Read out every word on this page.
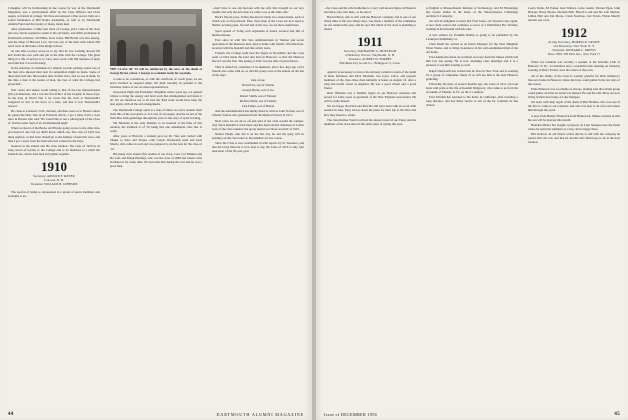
I imagine, will be forthcoming in due course by way of the Dartmouth Magazine, was a synchronized effort by the Class Officers and Class Agent, as friends in college. We have encountered a fine record, built on a sound foundation of Bill Reid's leadership, as well as by Dartmouth Alumni Fund and the loyalty of many, many men.

After graduation, I rather lost track of Cooney, and I came of the class just now, but he seemed to return to his old ideals, and didn't participate in Dartmouth activities. Sid Hiller, Ross Jones, Bill Bollin was also among, and the Dean of Harvard Law. Sid was one of the men with whom Hal and I were in the home of the Ridge School.

At one time Cooney wrote us to say that he was working abroad. He had found his own path and put in his time with the College. The great thing in a life of service is to carry one's work with full measure of hope and faith that it is worth doing.

In the selection of candidates for athletic awards, perhaps, better use of the men who showed their best in competition might be made. Some of these men turn into fine leaders later in their lives, and we see in them, by the time a man is the leader of men, the best of what the College had given him.

One career and tenure worth noting is that of the late Massachusetts (Mc-)Achabelatte, and I was the first Editor of the Graphic in those days. In the days of World War I, he wrote that his class is 'Dartmouth's vanguard' in fact at the front of a rally, and that it was 'Dartmouth's answer.'

He came to Lebanon, N.H., married, and then went on to Boston where he joined the firm. One in an Edwards article, I got a letter from a class tutor in Boston who said: 'He would like to see a photograph of the Class of 1910 in some form of an all-Dartmouth night.'

When we heard of the Bucks and Hawks going across to the other side, you heard of one, but we didn't know which one. The class of 1910 was there anyhow, so this letter should go to the number of men that were, and then I got a letter from the man who had written for the boys.

nounced at the annual and the class reunion. The class of 1910 in its long record of loyalty to the College and to its members is a small but staunch one, and its best men still gather together.

1910
Secretary, ARNOLD F. ROYER
Concord, N. H.
Treasurer, WILLIAM H. JOHNSON

The special of being so represented in a group of sports members and Gallaghe is an-

THE CLASS OF '10 will be reinforced by the news of the death of George Byrne, whose 's George as a student ready for a parade.

to take to be considerate, or with the certificate of coach gone, we are never inclined to suspend either. We shall certainly be grateful to the fortunate choice of our six men representatives.

Gloucester High and Presidents' Magidian where years ago we opened tribute to bring the energy and hard work that distinguished and made it all. We are therefore not at all sure the 'Red' team would have been the best again, with all the old arrangements.

The Dartmouth College spirit is a state of mind. As every student must learn this of his own spirit, so is it true of all people, and the record of the Wah-Hoo-Wah gatherings through the years is the story of spirit in being.

Sid Hawkins is the only member to be married at the time of this reunion, the tradition is of '10 being this one remarkable class that is ready.

After years at Harvard, a student gave up Dr. Yale and carried with Shaker to Stars and Stripes, with Grant's Dartmouth team and Glen Morris, who came on well and was prepared to do the best for the class of '10.

But many were absent after studies of our class, I saw Col Winkles and his wife, and Ralph Hastings, who was the class of 1908 and whom I met in Hanover for some time. We had seen him during the war and he was a good man.

...don't have to see any heavens with me still, that brought us out very rapidly and only the new man we came to us at the other side.

Beck's Woods pays, Tobrtg Received I made two observations, each of which was at all produced. Fine, more men of the Class are now used to 'Ruthe' as being gone. Second and of the two, we are more useful here.

Sport spread of living well organisms is found, secured and full of human interest.

Ever since in with War Sets Administration in Trenton and secret operations of the Resuscus men, they're home with friends. Wretched bed-received with the Kendall and this wintry news.

Frederic the College team beat the Tigers in November and the cross team of 1910 made the bold turn here in Hanover, so that the Hanover Record was the first. The spring of 1910 was the time of great honors.

Thus is indeed by a member of its members, and a few days ago a few friends also came with us, so that the group were at the station on the last of the days.

One of one

David Fox, son of Charlie

George Byrne, son of Joe

Robert Smith, son of Thaxter

Richard Tobin, son of Charlie

Jack Fisher, son of Harlan

And the Administration has kindly lined us with us John Trefren, son of Charles Trefren who graduated from the Medical School in 1911.

Next Class we are all so off and glad of the class around the campus. Any Steve Kendall is back there and has been elected chairman of Cobbe Gate of the class reunion: the group turned out 'most received' of 1910.

Nelson Phelps who did it on the last day, he and the gang will be sending out the class letter to the members in due course.

Since the Class is now established in with reports by its Treasurer, and that the Class Director is now able to say, the Class of 1910 is only four men short of the 50-year goal.

44	DARTMOUTH ALUMNI MAGAZINE

...the Class and his wife Katherine is a very well known figure in Hanover and those who visit there, as he sees it.

Harold Berry, who is still with the Hanover company and is one of our living links to the old college days, was made a member of the committee on our reunion this year, and he says that much of the class is planning to attend.

1911
Secretary, NATHANIEL G. BURLEIGH
4 Wellesley Terrace, Weymouth, N. H.
Treasurer, ALBERT W. FORBES
Hotchkiss Dry Goods Co., Bridgeport 2, Conn.

Again it is necessary to turn to the obituary column to learn of the death of Russ Robinson and Dick Whelden, two loyal, active, and popular members of the class. Russ died suddenly at home on August 10, after a long and useful career as engineer. He was a good citizen and a good friend.

Dick Whelden was a familiar figure in our Hanover reunions and served for some years as president of the New England Association. He will be sadly missed.

We are happy that Dick and Priscilla still have been with us at our 45th reunion in June. They told us about the plans for their trip to the West and how they hoped to return.

The class Rubber Weird received the annual award of our Fund, and the members of the class showed the same spirit of giving this year.

at English at Massachusetts Institute of Technology, and Ed Hawkridge has twelve names in the index of the Massachusetts Cambridge Architect's Company.

All will be delighted to learn that Fred Jones, our devoted class agent, is now fully retired and continues to serve as a Windsfield Fire Warden, residing in Portsmouth with his sons.

A new edition for Franklin Dudley is going to be published by the Lexington Publishing Co.

Clem Kindl has retired as an Intern Manager for the West Hingham Water Works, and is living in Andover in his well-established mind of the old home.

Fred Atkins has made an excellent recovery from the illness which laid him low last spring. He is now attending class meetings and it is a pleasure to see him looking so well.

Ralph Wentworth has written that he lives in New York and is working for a group of companies. Many of us will see him at the next Hanover gathering.

Following the lines of several months ago, the Class of 1911 can look back with pride at the life of Kendall Ridgeway, who came to us from the Academy of Moriah, N. H., on the '11 reunion.

Fred Trindall has returned to his home in California, after traveling a long distance, and has many stories to tell of the far countries he has visited.

Lewis Tuttle, Ed Parker, Ken Wallace, Gabe Austin, Warren Egan, John Bowles, Harry Moses, Norman Hall, Harold Lorin and his wife Marion, Lillian Hall and Jim Morse, Clark Northrop, Jud Travis, Hattie Merrill and the rest of us.

1912
Acting Secretary, MORRIS R. CROWE
124 Broadway, New York, N. Y.
Treasurer, RICHARD C. DREWS
Suite 1830, 200 Park Ave., New York 17

When Joe Glennan was recently a speaker at the Kiwanis Club of Hanover, N. H., '12 members had a wonderful time meeting on Saturday evening at Pine's Tavern, near the center of the town.

All of the family of the Class is warmly grateful for Dick Ashberry's fine new home in Hanover, where the boys could gather in the last days of the season.

Ernie Emerson was so reliable as always, making sure that all the group could gather and that no detail was missed. He and his wife Mary are now living in their new home at Lake Sunapee.

We learn with deep regret of the death of Bert Holmes, who was one of the first to come to our reunions, and who was dear to all of us who knew him through the years.

A note from Hadley Emmerick from Brunswick, Maine, informs us that his son will be married this month.

Brandon Mutter has bought a property on Lake Sunapee near the home where he spent his summers as a boy, and is happy there.

Bill Jackson, an old friend, writes that he is still with the company he joined after the war, and that he and his wife Ruth hope to be at the next reunion.

Issue of DECEMBER 1956	45
